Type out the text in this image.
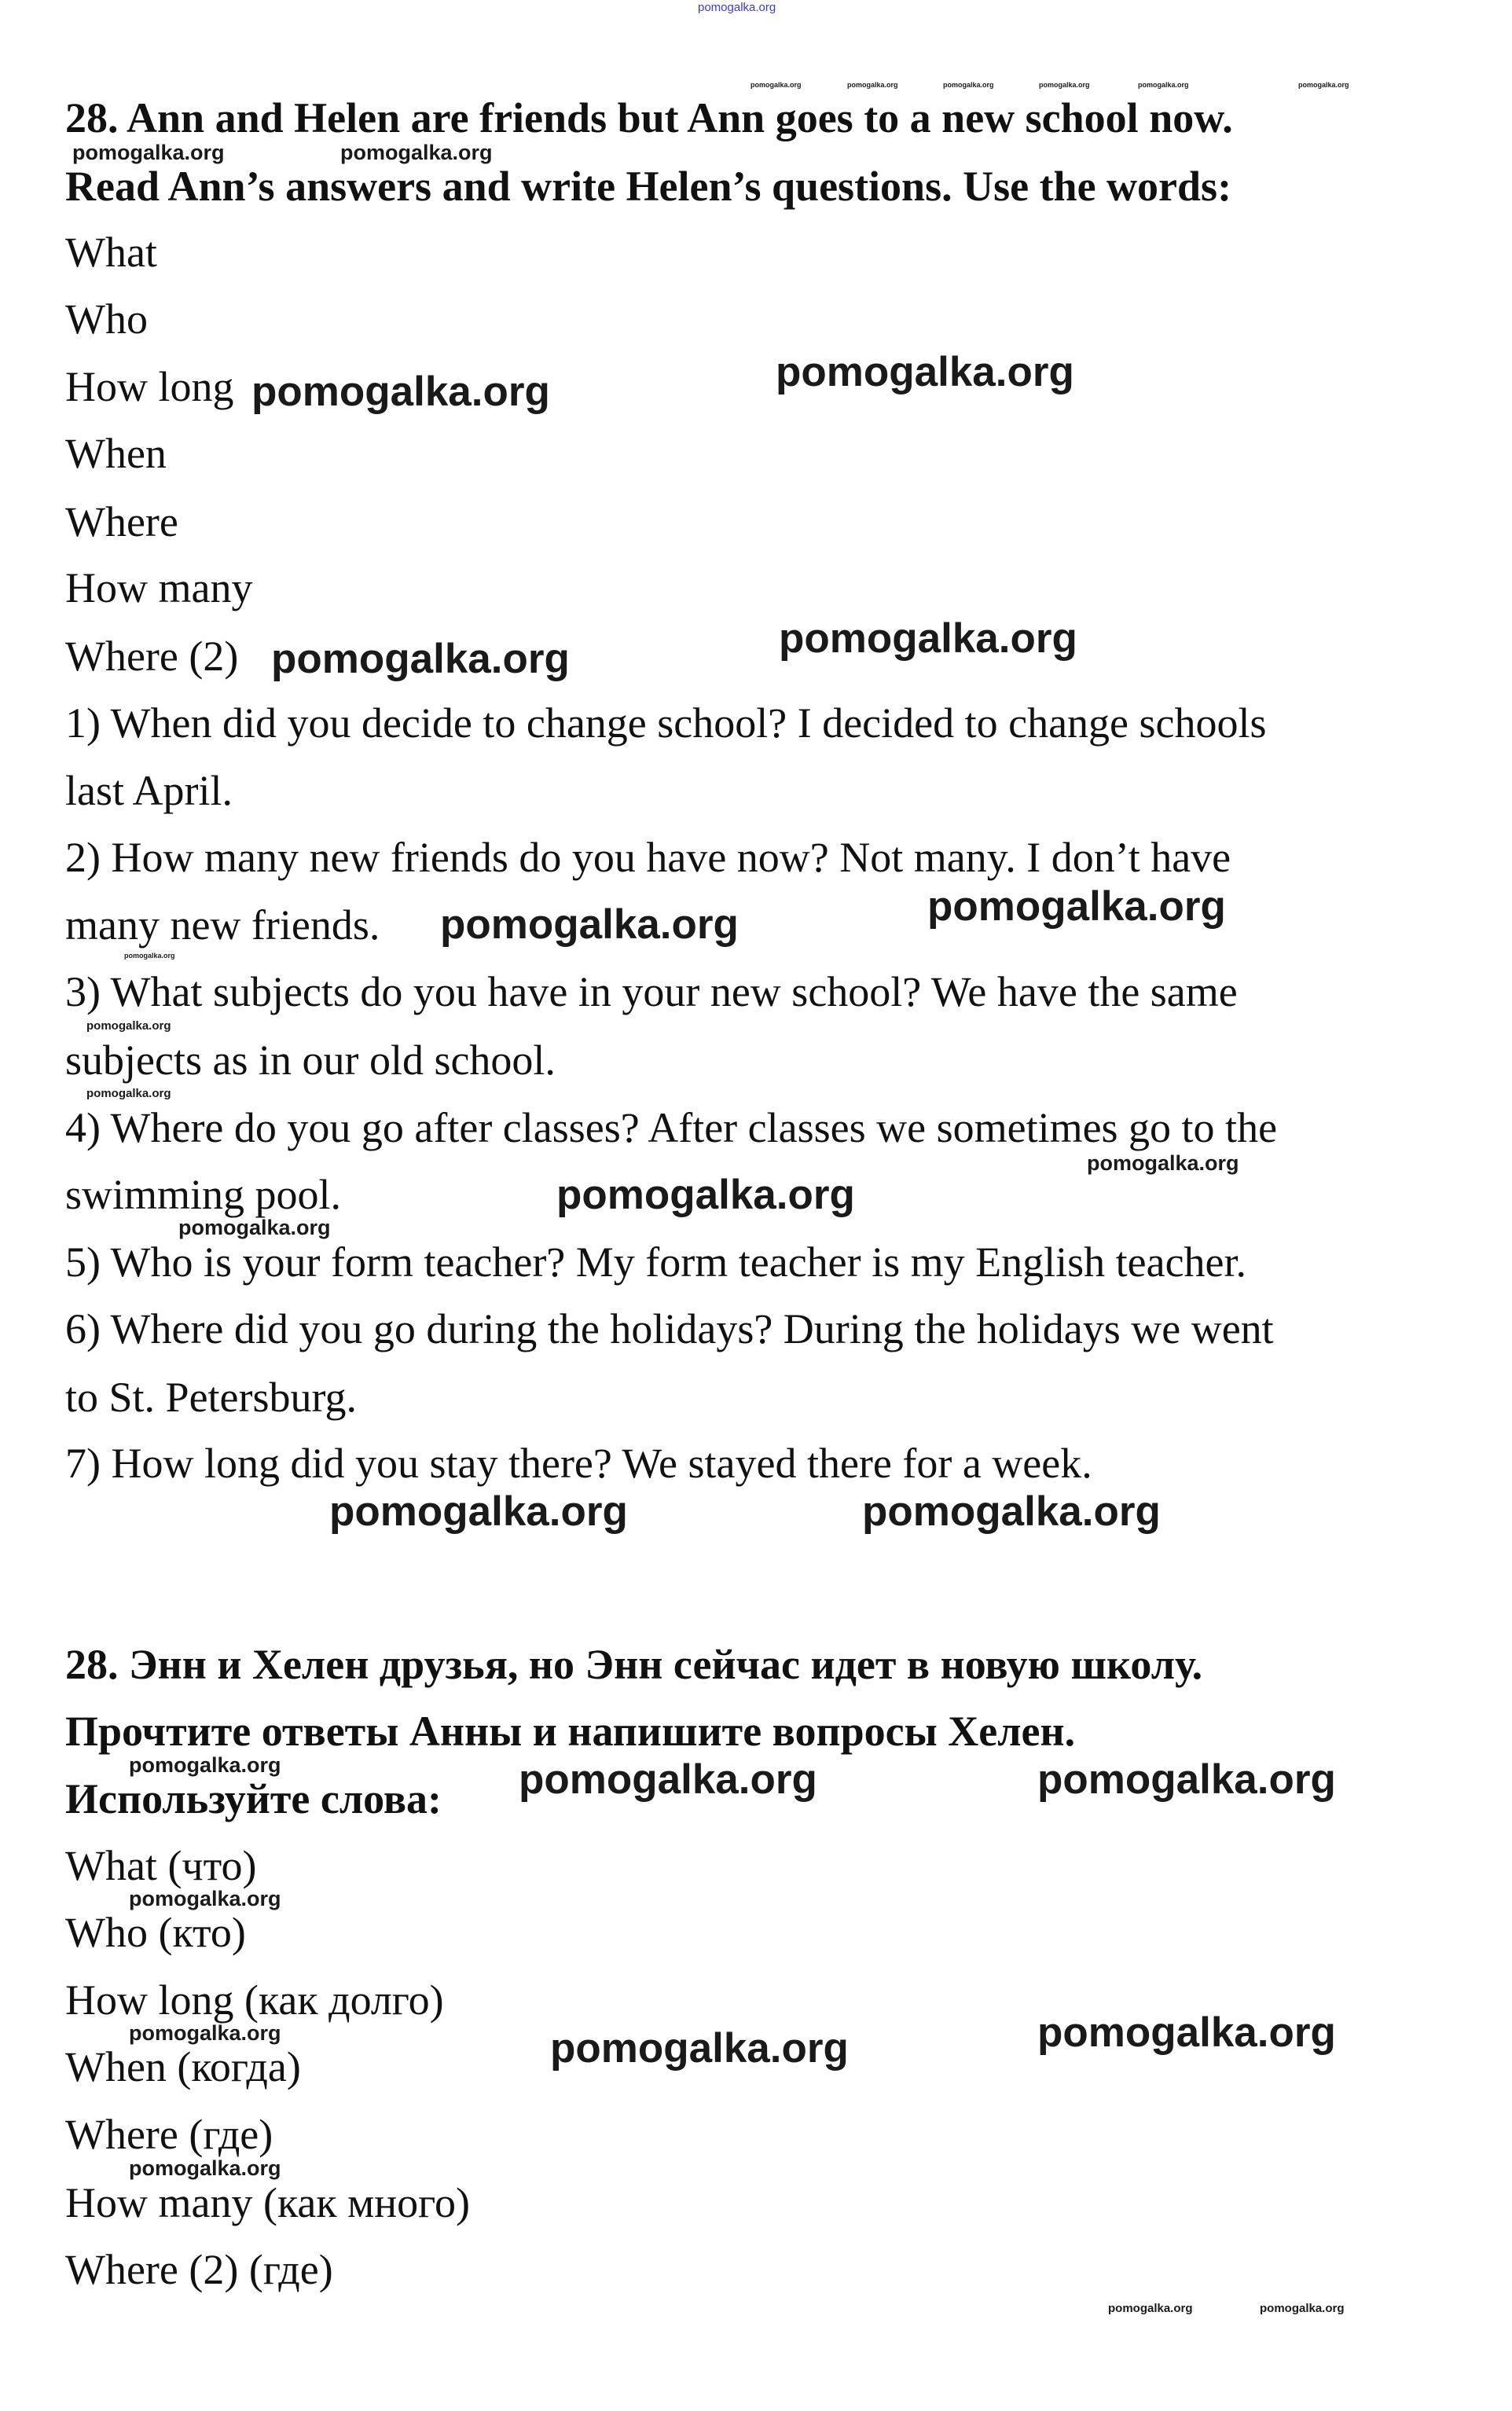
pomogalka.org
28. Ann and Helen are friends but Ann goes to a new school now.
Read Ann’s answers and write Helen’s questions. Use the words:
What
Who
How long
When
Where
How many
Where (2)
1) When did you decide to change school? I decided to change schools
last April.
2) How many new friends do you have now? Not many. I don’t have
many new friends.
3) What subjects do you have in your new school? We have the same
subjects as in our old school.
4) Where do you go after classes? After classes we sometimes go to the
swimming pool.
5) Who is your form teacher? My form teacher is my English teacher.
6) Where did you go during the holidays? During the holidays we went
to St. Petersburg.
7) How long did you stay there? We stayed there for a week.
28. Энн и Хелен друзья, но Энн сейчас идет в новую школу.
Прочтите ответы Анны и напишите вопросы Хелен.
Используйте слова:
What (что)
Who (кто)
How long (как долго)
When (когда)
Where (где)
How many (как много)
Where (2) (где)
pomogalka.org	pomogalka.org
pomogalka.org	pomogalka.org
pomogalka.org	pomogalka.org
pomogalka.org
pomogalka.org	pomogalka.org
pomogalka.org	pomogalka.org
pomogalka.org	pomogalka.org
pomogalka.org	pomogalka.org
pomogalka.org
pomogalka.org
pomogalka.org
pomogalka.org
pomogalka.org
pomogalka.org
pomogalka.org
pomogalka.org
pomogalka.org
pomogalka.org	pomogalka.org
pomogalka.org	pomogalka.org	pomogalka.org	pomogalka.org	pomogalka.org	pomogalka.org
